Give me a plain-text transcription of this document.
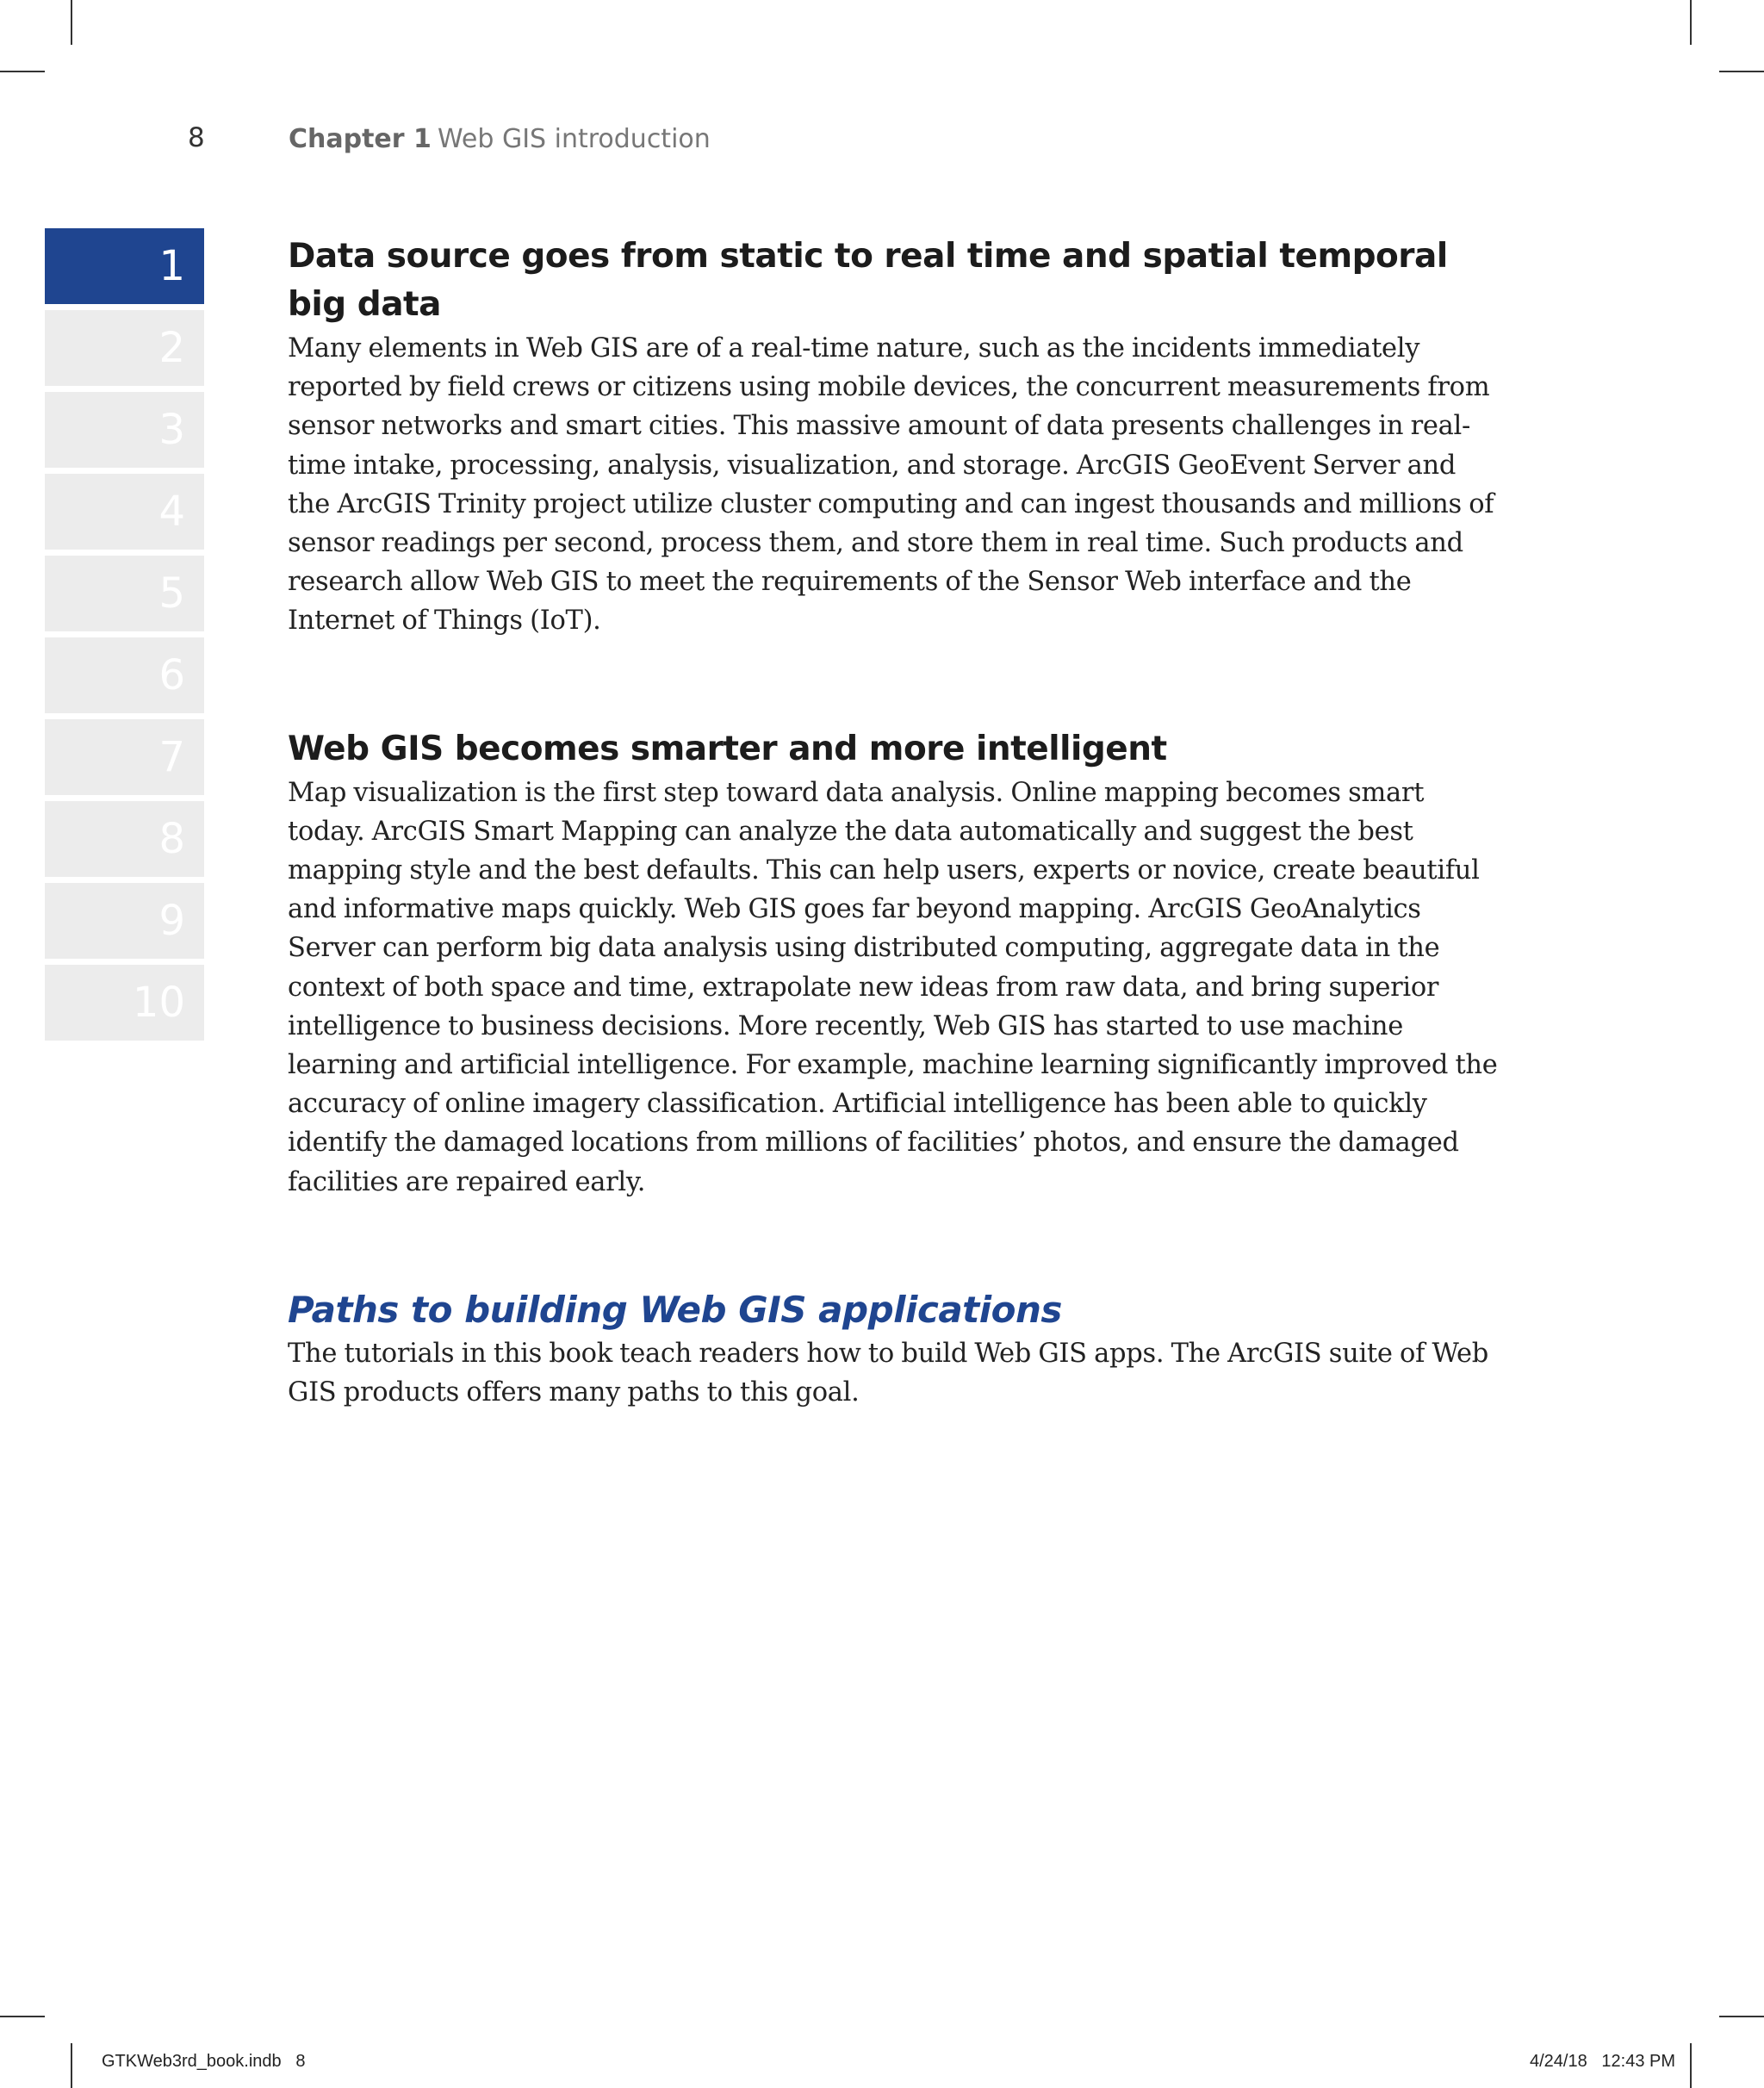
8	Chapter 1 Web GIS introduction
1
2
3
4
5
6
7
8
9
10
Data source goes from static to real time and spatial temporal big data

Many elements in Web GIS are of a real-time nature, such as the incidents immediately reported by field crews or citizens using mobile devices, the concurrent measurements from sensor networks and smart cities. This massive amount of data presents challenges in real-time intake, processing, analysis, visualization, and storage. ArcGIS GeoEvent Server and the ArcGIS Trinity project utilize cluster computing and can ingest thousands and millions of sensor readings per second, process them, and store them in real time. Such products and research allow Web GIS to meet the requirements of the Sensor Web interface and the Internet of Things (IoT).

Web GIS becomes smarter and more intelligent

Map visualization is the first step toward data analysis. Online mapping becomes smart today. ArcGIS Smart Mapping can analyze the data automatically and suggest the best mapping style and the best defaults. This can help users, experts or novice, create beautiful and informative maps quickly. Web GIS goes far beyond mapping. ArcGIS GeoAnalytics Server can perform big data analysis using distributed computing, aggregate data in the context of both space and time, extrapolate new ideas from raw data, and bring superior intelligence to business decisions. More recently, Web GIS has started to use machine learning and artificial intelligence. For example, machine learning significantly improved the accuracy of online imagery classification. Artificial intelligence has been able to quickly identify the damaged locations from millions of facilities’ photos, and ensure the damaged facilities are repaired early.

Paths to building Web GIS applications

The tutorials in this book teach readers how to build Web GIS apps. The ArcGIS suite of Web GIS products offers many paths to this goal.

GTKWeb3rd_book.indb   8	4/24/18   12:43 PM
